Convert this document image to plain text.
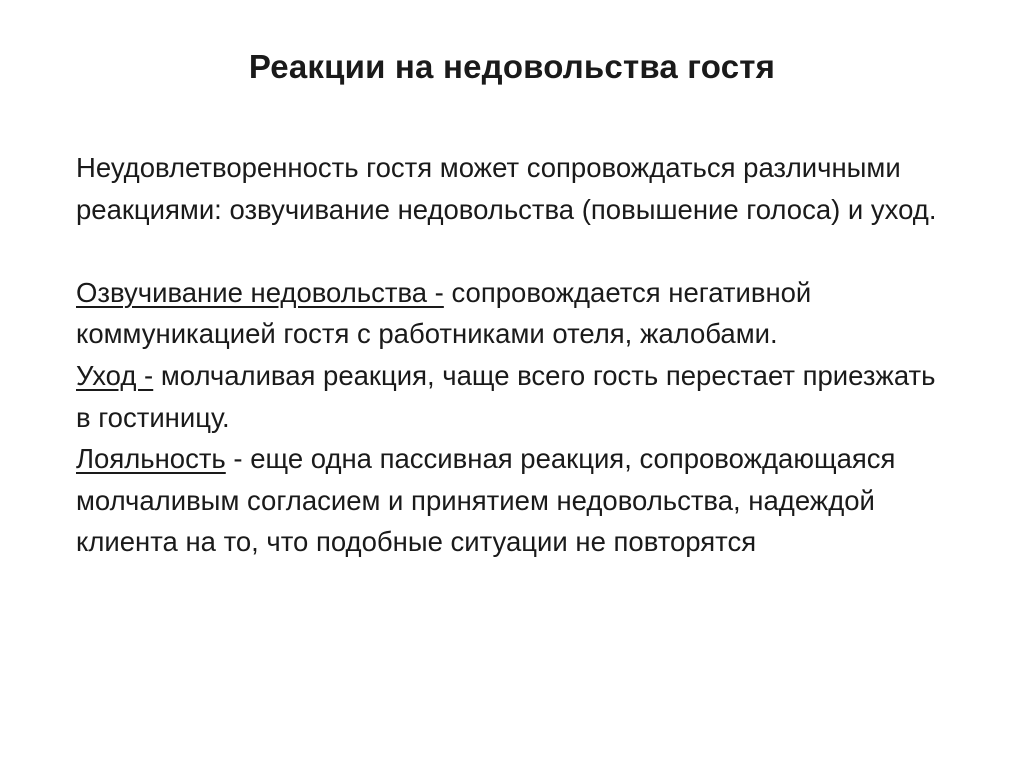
Реакции на недовольства гостя

Неудовлетворенность гостя может сопровождаться различными реакциями: озвучивание недовольства (повышение голоса) и уход.

Озвучивание недовольства - сопровождается негативной коммуникацией гостя с работниками отеля, жалобами.

Уход - молчаливая реакция, чаще всего гость перестает приезжать в гостиницу.

Лояльность - еще одна пассивная реакция, сопровождающаяся молчаливым согласием и принятием недовольства, надеждой клиента на то, что подобные ситуации не повторятся
